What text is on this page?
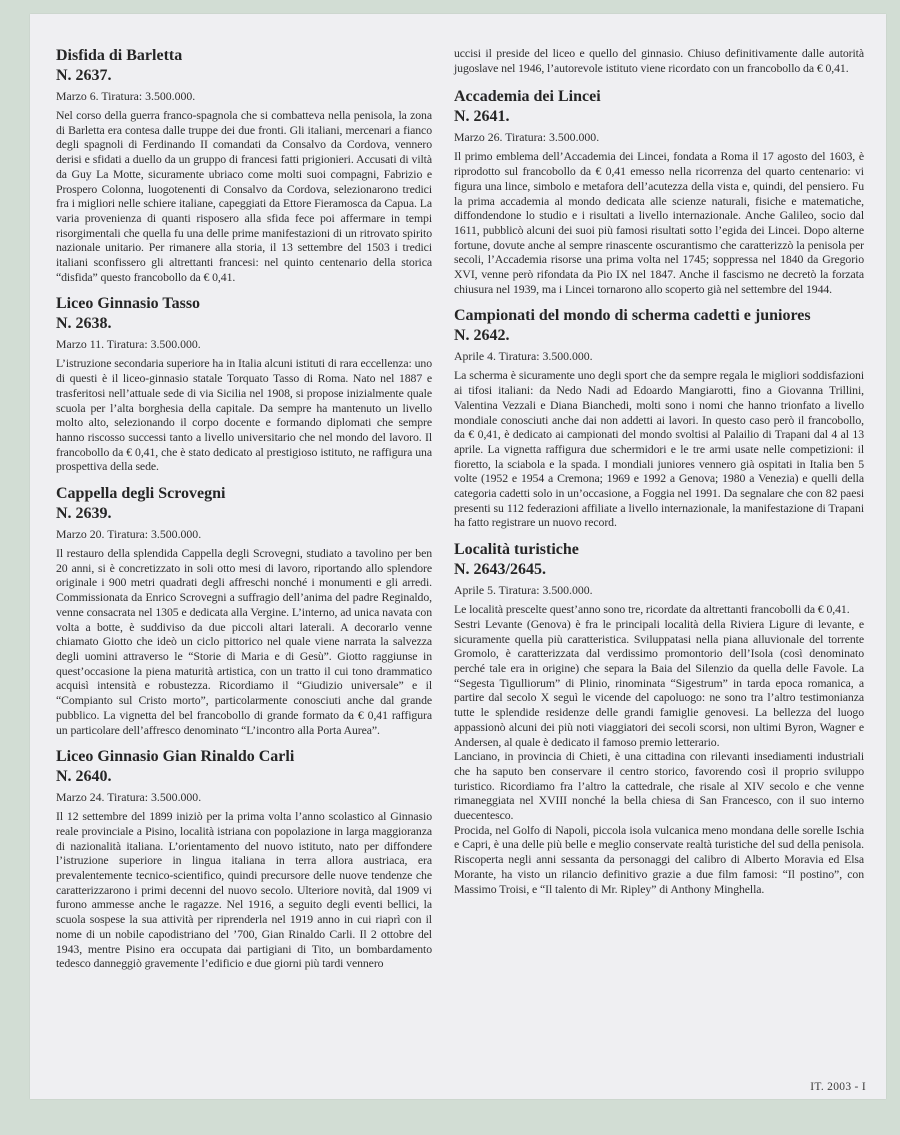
Disfida di Barletta
N. 2637.
Marzo 6. Tiratura: 3.500.000.
Nel corso della guerra franco-spagnola che si combatteva nella penisola, la zona di Barletta era contesa dalle truppe dei due fronti. Gli italiani, mercenari a fianco degli spagnoli di Ferdinando II comandati da Consalvo da Cordova, vennero derisi e sfidati a duello da un gruppo di francesi fatti prigionieri. Accusati di viltà da Guy La Motte, sicuramente ubriaco come molti suoi compagni, Fabrizio e Prospero Colonna, luogotenenti di Consalvo da Cordova, selezionarono tredici fra i migliori nelle schiere italiane, capeggiati da Ettore Fieramosca da Capua. La varia provenienza di quanti risposero alla sfida fece poi affermare in tempi risorgimentali che quella fu una delle prime manifestazioni di un ritrovato spirito nazionale unitario. Per rimanere alla storia, il 13 settembre del 1503 i tredici italiani sconfissero gli altrettanti francesi: nel quinto centenario della storica “disfida” questo francobollo da € 0,41.
Liceo Ginnasio Tasso
N. 2638.
Marzo 11. Tiratura: 3.500.000.
L’istruzione secondaria superiore ha in Italia alcuni istituti di rara eccellenza: uno di questi è il liceo-ginnasio statale Torquato Tasso di Roma. Nato nel 1887 e trasferitosi nell’attuale sede di via Sicilia nel 1908, si propose inizialmente quale scuola per l’alta borghesia della capitale. Da sempre ha mantenuto un livello molto alto, selezionando il corpo docente e formando diplomati che sempre hanno riscosso successi tanto a livello universitario che nel mondo del lavoro. Il francobollo da € 0,41, che è stato dedicato al prestigioso istituto, ne raffigura una prospettiva della sede.
Cappella degli Scrovegni
N. 2639.
Marzo 20. Tiratura: 3.500.000.
Il restauro della splendida Cappella degli Scrovegni, studiato a tavolino per ben 20 anni, si è concretizzato in soli otto mesi di lavoro, riportando allo splendore originale i 900 metri quadrati degli affreschi nonché i monumenti e gli arredi. Commissionata da Enrico Scrovegni a suffragio dell’anima del padre Reginaldo, venne consacrata nel 1305 e dedicata alla Vergine. L’interno, ad unica navata con volta a botte, è suddiviso da due piccoli altari laterali. A decorarlo venne chiamato Giotto che ideò un ciclo pittorico nel quale viene narrata la salvezza degli uomini attraverso le “Storie di Maria e di Gesù”. Giotto raggiunse in quest’occasione la piena maturità artistica, con un tratto il cui tono drammatico acquisì intensità e robustezza. Ricordiamo il “Giudizio universale” e il “Compianto sul Cristo morto”, particolarmente conosciuti anche dal grande pubblico. La vignetta del bel francobollo di grande formato da € 0,41 raffigura un particolare dell’affresco denominato “L’incontro alla Porta Aurea”.
Liceo Ginnasio Gian Rinaldo Carli
N. 2640.
Marzo 24. Tiratura: 3.500.000.
Il 12 settembre del 1899 iniziò per la prima volta l’anno scolastico al Ginnasio reale provinciale a Pisino, località istriana con popolazione in larga maggioranza di nazionalità italiana. L’orientamento del nuovo istituto, nato per diffondere l’istruzione superiore in lingua italiana in terra allora austriaca, era prevalentemente tecnico-scientifico, quindi precursore delle nuove tendenze che caratterizzarono i primi decenni del nuovo secolo. Ulteriore novità, dal 1909 vi furono ammesse anche le ragazze. Nel 1916, a seguito degli eventi bellici, la scuola sospese la sua attività per riprenderla nel 1919 anno in cui riaprì con il nome di un nobile capodistriano del ’700, Gian Rinaldo Carli. Il 2 ottobre del 1943, mentre Pisino era occupata dai partigiani di Tito, un bombardamento tedesco danneggiò gravemente l’edificio e due giorni più tardi vennero
uccisi il preside del liceo e quello del ginnasio. Chiuso definitivamente dalle autorità jugoslave nel 1946, l’autorevole istituto viene ricordato con un francobollo da € 0,41.
Accademia dei Lincei
N. 2641.
Marzo 26. Tiratura: 3.500.000.
Il primo emblema dell’Accademia dei Lincei, fondata a Roma il 17 agosto del 1603, è riprodotto sul francobollo da € 0,41 emesso nella ricorrenza del quarto centenario: vi figura una lince, simbolo e metafora dell’acutezza della vista e, quindi, del pensiero. Fu la prima accademia al mondo dedicata alle scienze naturali, fisiche e matematiche, diffondendone lo studio e i risultati a livello internazionale. Anche Galileo, socio dal 1611, pubblicò alcuni dei suoi più famosi risultati sotto l’egida dei Lincei. Dopo alterne fortune, dovute anche al sempre rinascente oscurantismo che caratterizzò la penisola per secoli, l’Accademia risorse una prima volta nel 1745; soppressa nel 1840 da Gregorio XVI, venne però rifondata da Pio IX nel 1847. Anche il fascismo ne decretò la forzata chiusura nel 1939, ma i Lincei tornarono allo scoperto già nel settembre del 1944.
Campionati del mondo di scherma cadetti e juniores
N. 2642.
Aprile 4. Tiratura: 3.500.000.
La scherma è sicuramente uno degli sport che da sempre regala le migliori soddisfazioni ai tifosi italiani: da Nedo Nadi ad Edoardo Mangiarotti, fino a Giovanna Trillini, Valentina Vezzali e Diana Bianchedi, molti sono i nomi che hanno trionfato a livello mondiale conosciuti anche dai non addetti ai lavori. In questo caso però il francobollo, da € 0,41, è dedicato ai campionati del mondo svoltisi al Palailio di Trapani dal 4 al 13 aprile. La vignetta raffigura due schermidori e le tre armi usate nelle competizioni: il fioretto, la sciabola e la spada. I mondiali juniores vennero già ospitati in Italia ben 5 volte (1952 e 1954 a Cremona; 1969 e 1992 a Genova; 1980 a Venezia) e quelli della categoria cadetti solo in un’occasione, a Foggia nel 1991. Da segnalare che con 82 paesi presenti su 112 federazioni affiliate a livello internazionale, la manifestazione di Trapani ha fatto registrare un nuovo record.
Località turistiche
N. 2643/2645.
Aprile 5. Tiratura: 3.500.000.

Le località prescelte quest’anno sono tre, ricordate da altrettanti francobolli da € 0,41.

Sestri Levante (Genova) è fra le principali località della Riviera Ligure di levante, e sicuramente quella più caratteristica. Sviluppatasi nella piana alluvionale del torrente Gromolo, è caratterizzata dal verdissimo promontorio dell’Isola (così denominato perché tale era in origine) che separa la Baia del Silenzio da quella delle Favole. La “Segesta Tigulliorum” di Plinio, rinominata “Sigestrum” in tarda epoca romanica, a partire dal secolo X seguì le vicende del capoluogo: ne sono tra l’altro testimonianza tutte le splendide residenze delle grandi famiglie genovesi. La bellezza del luogo appassionò alcuni dei più noti viaggiatori dei secoli scorsi, non ultimi Byron, Wagner e Andersen, al quale è dedicato il famoso premio letterario.

Lanciano, in provincia di Chieti, è una cittadina con rilevanti insediamenti industriali che ha saputo ben conservare il centro storico, favorendo così il proprio sviluppo turistico. Ricordiamo fra l’altro la cattedrale, che risale al XIV secolo e che venne rimaneggiata nel XVIII nonché la bella chiesa di San Francesco, con il suo interno duecentesco.

Procida, nel Golfo di Napoli, piccola isola vulcanica meno mondana delle sorelle Ischia e Capri, è una delle più belle e meglio conservate realtà turistiche del sud della penisola. Riscoperta negli anni sessanta da personaggi del calibro di Alberto Moravia ed Elsa Morante, ha visto un rilancio definitivo grazie a due film famosi: “Il postino”, con Massimo Troisi, e “Il talento di Mr. Ripley” di Anthony Minghella.

IT. 2003 - I
